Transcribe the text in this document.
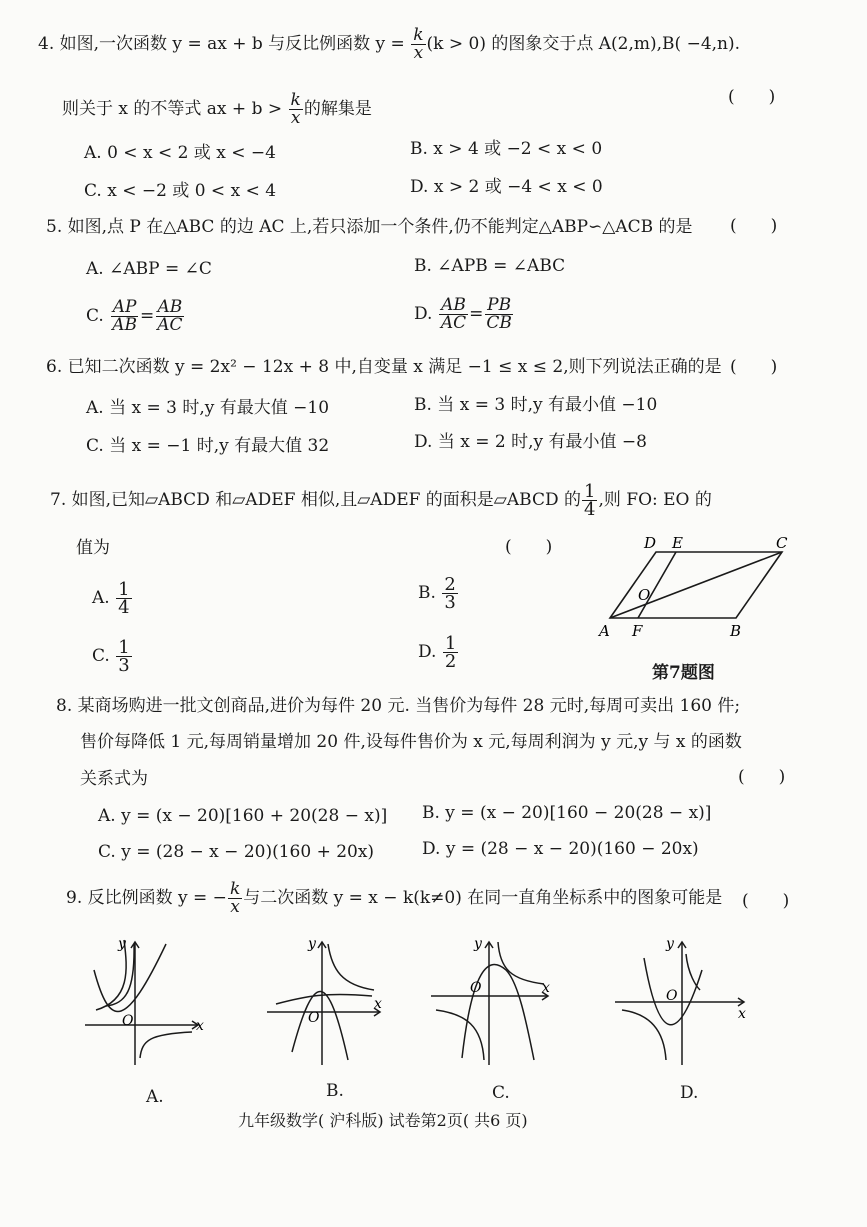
4. 如图,一次函数 y = ax + b 与反比例函数 $y = \frac{k}{x} (k > 0)$ 的图象交于点 A(2,m),B( −4,n).
则关于 x 的不等式 ax + $b > \frac{k}{x}$ 的解集是
(　　)
A. 0 < x < 2 或 x < −4	B. x > 4 或 −2 < x < 0
C. x < −2 或 0 < x < 4	D. x > 2 或 −4 < x < 0
5. 如图,点 P 在△ABC 的边 AC 上,若只添加一个条件,仍不能判定△ABP∽△ACB 的是 (　　)
A. ∠ABP = ∠C	B. ∠APB = ∠ABC
C. $\frac{AP}{AB} = \frac{AB}{AC}$	D. $\frac{AB}{AC} = \frac{PB}{CB}$
6. 已知二次函数 y = 2x² − 12x + 8 中,自变量 x 满足 −1 ≤ x ≤ 2,则下列说法正确的是 (　　)
A. 当 x = 3 时,y 有最大值 −10	B. 当 x = 3 时,y 有最小值 −10
C. 当 x = −1 时,y 有最大值 32	D. 当 x = 2 时,y 有最小值 −8
7. 如图,已知▱ABCD 和▱ADEF 相似,且▱ADEF 的面积是▱ABCD 的 $\frac{1}{4}$ ,则 FO: EO 的
值为	(　　)
A. $\frac{1}{4}$	B. $\frac{2}{3}$
C. $\frac{1}{3}$	D. $\frac{1}{2}$
A F	B
D E	C
O
第7题图
8. 某商场购进一批文创商品,进价为每件 20 元. 当售价为每件 28 元时,每周可卖出 160 件;
售价每降低 1 元,每周销量增加 20 件,设每件售价为 x 元,每周利润为 y 元,y 与 x 的函数
关系式为	(　　)
A. y = (x − 20)[160 + 20(28 − x)] B. y = (x − 20)[160 − 20(28 − x)]
C. y = (28 − x − 20)(160 + 20x)	D. y = (28 − x − 20)(160 − 20x)
9. 反比例函数 y = − $\frac{k}{x}$ 与二次函数 y = x − k(k≠0) 在同一直角坐标系中的图象可能是 (　　)
y
x
O
A.
y
x
O
B.
y
x
O
C.
y
x
O
D.
九年级数学( 沪科版) 试卷第2页( 共6 页)
